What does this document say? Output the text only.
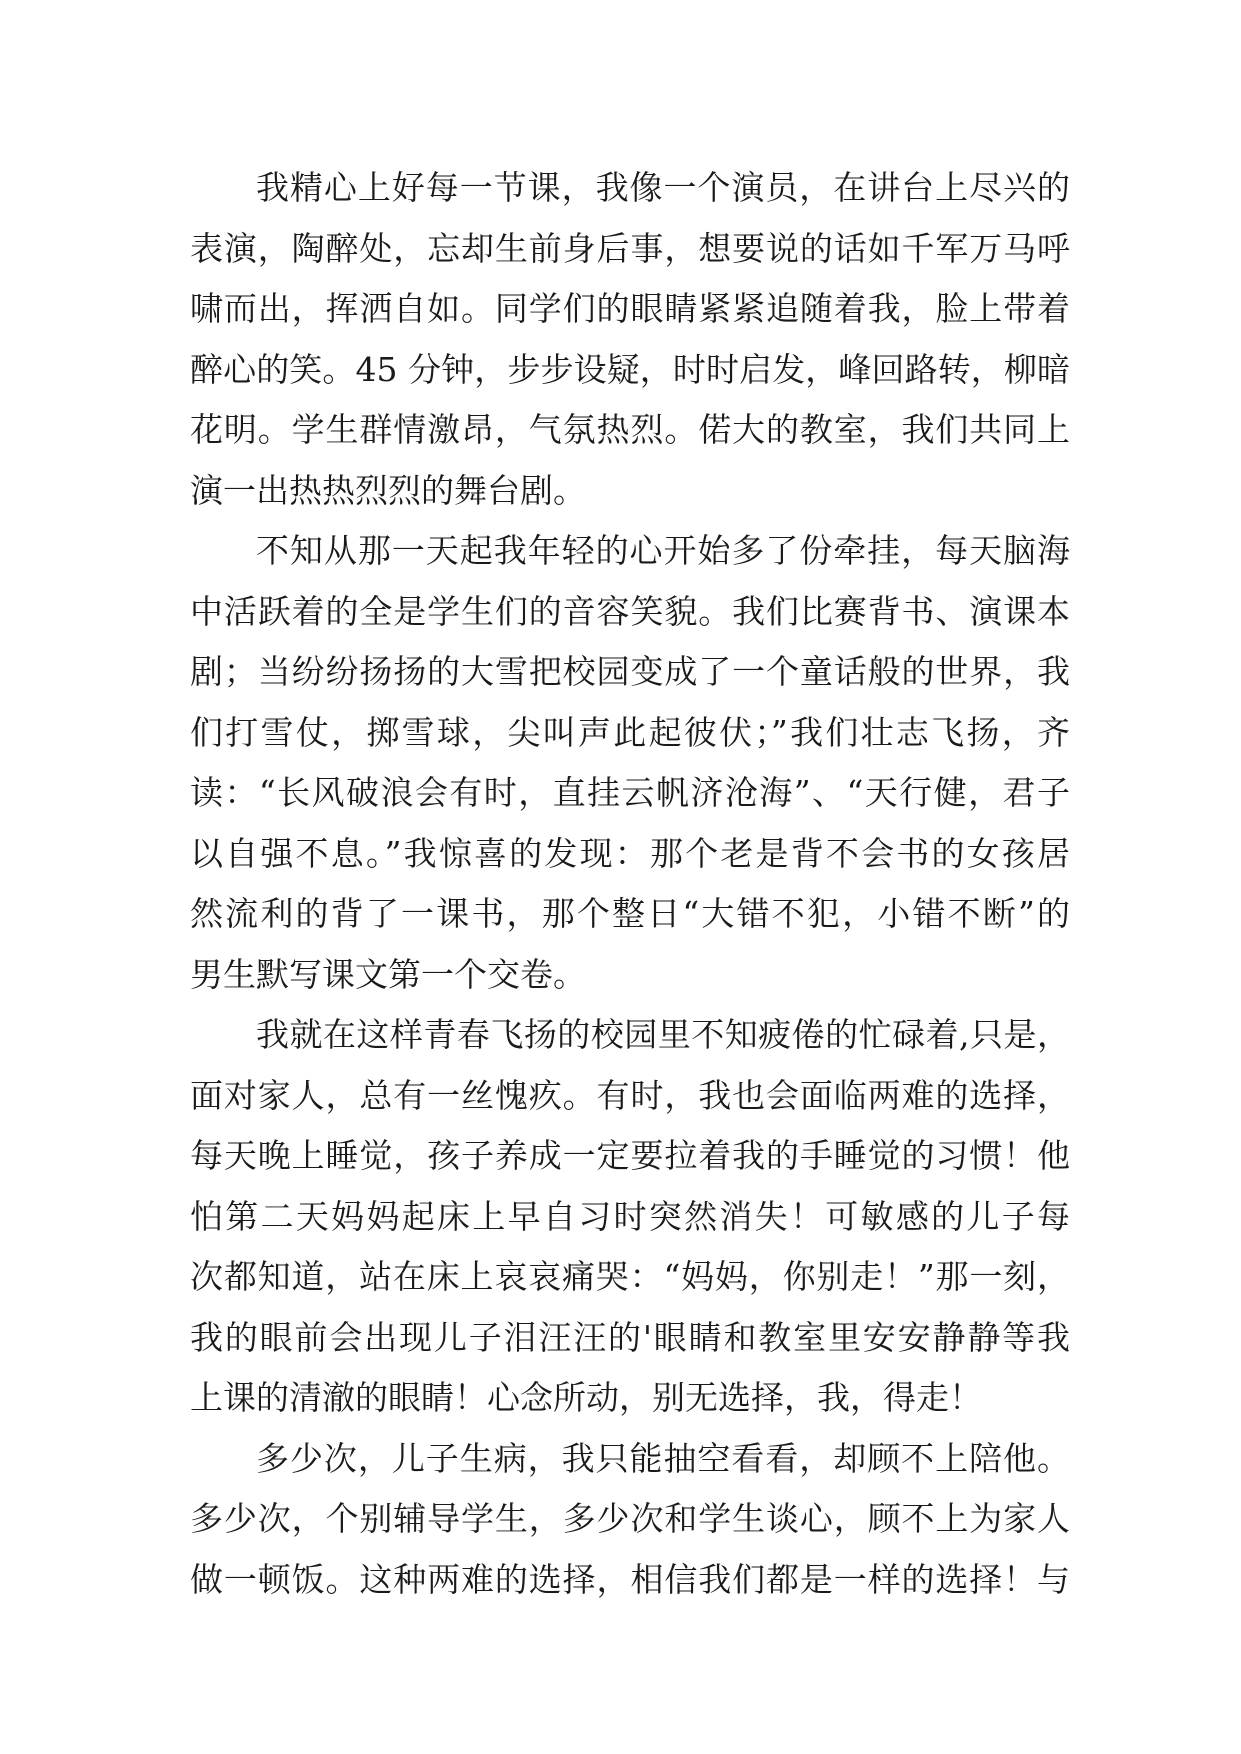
我精心上好每一节课，我像一个演员，在讲台上尽兴的
表演，陶醉处，忘却生前身后事，想要说的话如千军万马呼
啸而出，挥洒自如。同学们的眼睛紧紧追随着我，脸上带着
醉心的笑。45 分钟，步步设疑，时时启发，峰回路转，柳暗
花明。学生群情激昂，气氛热烈。偌大的教室，我们共同上
演一出热热烈烈的舞台剧。
不知从那一天起我年轻的心开始多了份牵挂，每天脑海
中活跃着的全是学生们的音容笑貌。我们比赛背书、演课本
剧；当纷纷扬扬的大雪把校园变成了一个童话般的世界，我
们打雪仗，掷雪球，尖叫声此起彼伏；”我们壮志飞扬，齐
读：“长风破浪会有时，直挂云帆济沧海”、“天行健，君子
以自强不息。”我惊喜的发现：那个老是背不会书的女孩居
然流利的背了一课书，那个整日“大错不犯，小错不断”的
男生默写课文第一个交卷。
我就在这样青春飞扬的校园里不知疲倦的忙碌着,只是，
面对家人，总有一丝愧疚。有时，我也会面临两难的选择，
每天晚上睡觉，孩子养成一定要拉着我的手睡觉的习惯！他
怕第二天妈妈起床上早自习时突然消失！可敏感的儿子每
次都知道，站在床上哀哀痛哭：“妈妈，你别走！”那一刻，
我的眼前会出现儿子泪汪汪的'眼睛和教室里安安静静等我
上课的清澈的眼睛！心念所动，别无选择，我，得走！
多少次，儿子生病，我只能抽空看看，却顾不上陪他。
多少次，个别辅导学生，多少次和学生谈心，顾不上为家人
做一顿饭。这种两难的选择，相信我们都是一样的选择！与
